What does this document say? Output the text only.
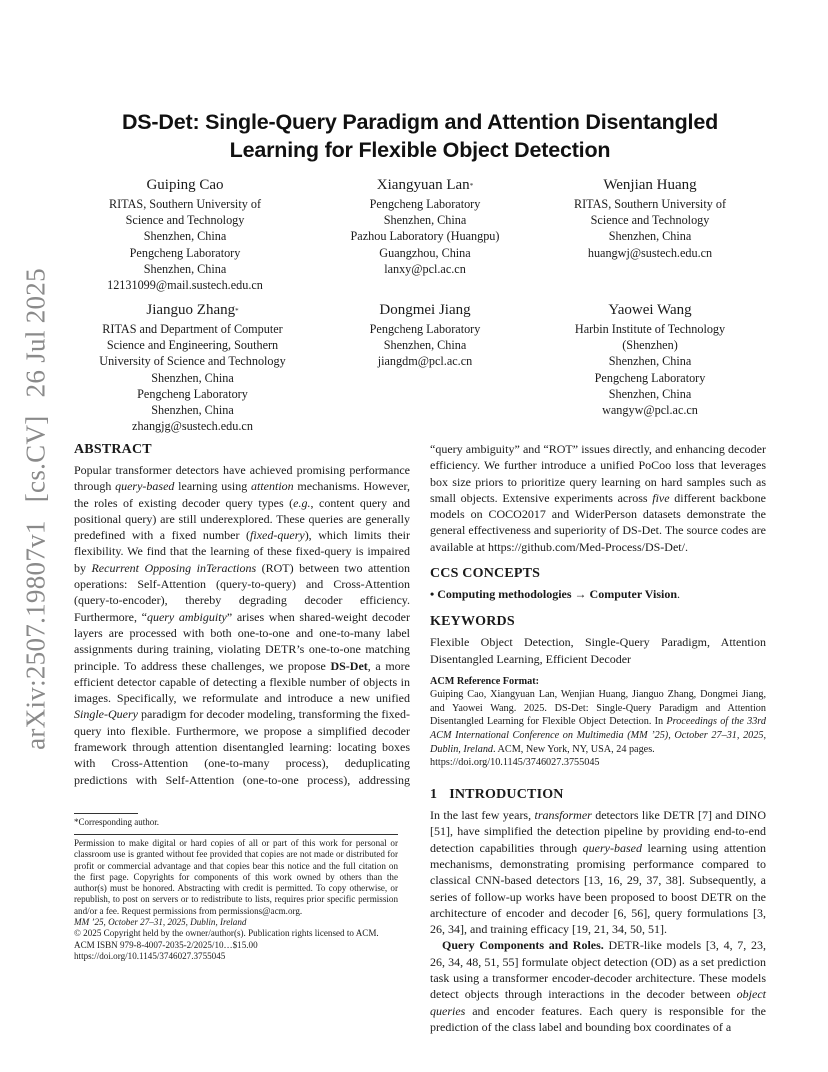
arXiv:2507.19807v1[cs.CV]26 Jul 2025
DS-Det: Single-Query Paradigm and Attention Disentangled
Learning for Flexible Object Detection
Guiping Cao
RITAS, Southern University of
Science and Technology
Shenzhen, China
Pengcheng Laboratory
Shenzhen, China
12131099@mail.sustech.edu.cn
Xiangyuan Lan*
Pengcheng Laboratory
Shenzhen, China
Pazhou Laboratory (Huangpu)
Guangzhou, China
lanxy@pcl.ac.cn
Wenjian Huang
RITAS, Southern University of
Science and Technology
Shenzhen, China
huangwj@sustech.edu.cn
Jianguo Zhang*
RITAS and Department of Computer
Science and Engineering, Southern
University of Science and Technology
Shenzhen, China
Pengcheng Laboratory
Shenzhen, China
zhangjg@sustech.edu.cn
Dongmei Jiang
Pengcheng Laboratory
Shenzhen, China
jiangdm@pcl.ac.cn
Yaowei Wang
Harbin Institute of Technology
(Shenzhen)
Shenzhen, China
Pengcheng Laboratory
Shenzhen, China
wangyw@pcl.ac.cn
ABSTRACT

Popular transformer detectors have achieved promising performance through query-based learning using attention mechanisms. However, the roles of existing decoder query types (e.g., content query and positional query) are still underexplored. These queries are generally predefined with a fixed number (fixed-query), which limits their flexibility. We find that the learning of these fixed-query is impaired by Recurrent Opposing inTeractions (ROT) between two attention operations: Self-Attention (query-to-query) and Cross-Attention (query-to-encoder), thereby degrading decoder efficiency. Furthermore, “query ambiguity” arises when shared-weight decoder layers are processed with both one-to-one and one-to-many label assignments during training, violating DETR’s one-to-one matching principle. To address these challenges, we propose DS-Det, a more efficient detector capable of detecting a flexible number of objects in images. Specifically, we reformulate and introduce a new unified Single-Query paradigm for decoder modeling, transforming the fixed-query into flexible. Furthermore, we propose a simplified decoder framework through attention disentangled learning: locating boxes with Cross-Attention (one-to-many process), deduplicating predictions with Self-Attention (one-to-one process), addressing “query ambiguity” and “ROT” issues directly, and enhancing decoder efficiency. We further introduce a unified PoCoo loss that leverages box size priors to prioritize query learning on hard samples such as small objects. Extensive experiments across five different backbone models on COCO2017 and WiderPerson datasets demonstrate the general effectiveness and superiority of DS-Det. The source codes are available at https://github.com/Med-Process/DS-Det/.

*Corresponding author.

Permission to make digital or hard copies of all or part of this work for personal or classroom use is granted without fee provided that copies are not made or distributed for profit or commercial advantage and that copies bear this notice and the full citation on the first page. Copyrights for components of this work owned by others than the author(s) must be honored. Abstracting with credit is permitted. To copy otherwise, or republish, to post on servers or to redistribute to lists, requires prior specific permission and/or a fee. Request permissions from permissions@acm.org.

MM ’25, October 27–31, 2025, Dublin, Ireland

© 2025 Copyright held by the owner/author(s). Publication rights licensed to ACM.

ACM ISBN 979-8-4007-2035-2/2025/10…$15.00

https://doi.org/10.1145/3746027.3755045

CCS CONCEPTS

• Computing methodologies → Computer Vision.

KEYWORDS

Flexible Object Detection, Single-Query Paradigm, Attention Disentangled Learning, Efficient Decoder

ACM Reference Format:
Guiping Cao, Xiangyuan Lan, Wenjian Huang, Jianguo Zhang, Dongmei Jiang, and Yaowei Wang. 2025. DS-Det: Single-Query Paradigm and Attention Disentangled Learning for Flexible Object Detection. In Proceedings of the 33rd ACM International Conference on Multimedia (MM ’25), October 27–31, 2025, Dublin, Ireland. ACM, New York, NY, USA, 24 pages.
https://doi.org/10.1145/3746027.3755045
1 INTRODUCTION

In the last few years, transformer detectors like DETR [7] and DINO [51], have simplified the detection pipeline by providing end-to-end detection capabilities through query-based learning using attention mechanisms, demonstrating promising performance compared to classical CNN-based detectors [13, 16, 29, 37, 38]. Subsequently, a series of follow-up works have been proposed to boost DETR on the architecture of encoder and decoder [6, 56], query formulations [3, 26, 34], and training efficacy [19, 21, 34, 50, 51].

Query Components and Roles. DETR-like models [3, 4, 7, 23, 26, 34, 48, 51, 55] formulate object detection (OD) as a set prediction task using a transformer encoder-decoder architecture. These models detect objects through interactions in the decoder between object queries and encoder features. Each query is responsible for the prediction of the class label and bounding box coordinates of a
